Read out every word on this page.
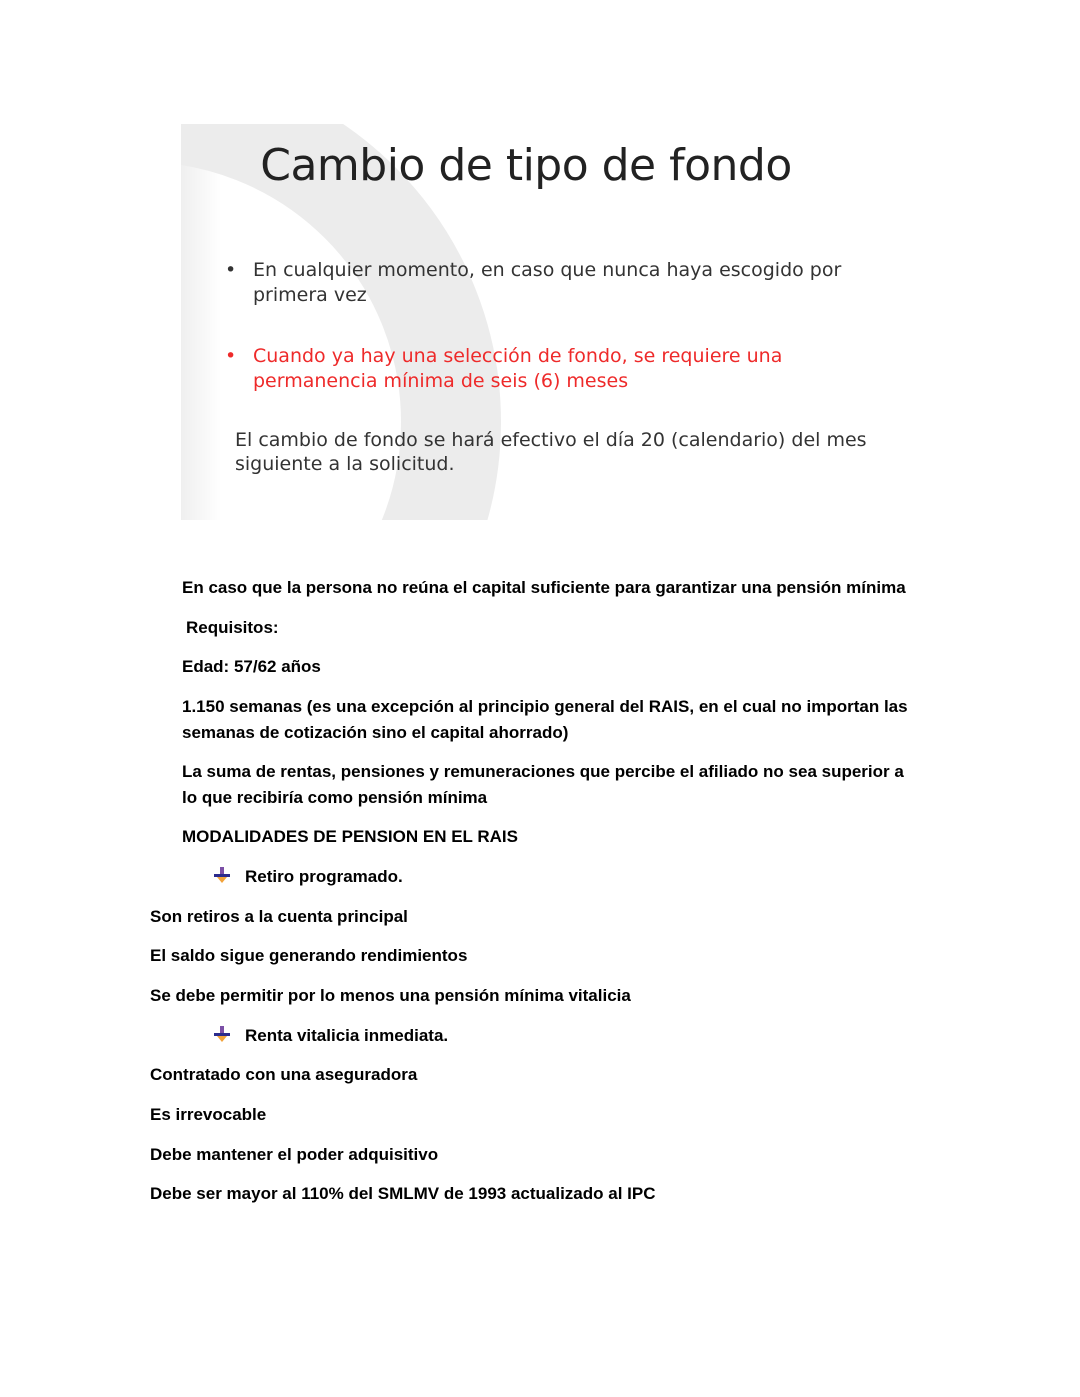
Cambio de tipo de fondo
• En cualquier momento, en caso que nunca haya escogido por primera vez
• Cuando ya hay una selección de fondo, se requiere una permanencia mínima de seis (6) meses
El cambio de fondo se hará efectivo el día 20 (calendario) del mes siguiente a la solicitud.
En caso que la persona no reúna el capital suficiente para garantizar una pensión mínima
Requisitos:
Edad: 57/62 años
1.150 semanas (es una excepción al principio general del RAIS, en el cual no importan las semanas de cotización sino el capital ahorrado)
La suma de rentas, pensiones y remuneraciones que percibe el afiliado no sea superior a lo que recibiría como pensión mínima
MODALIDADES DE PENSION EN EL RAIS
Retiro programado.
Son retiros a la cuenta principal
El saldo sigue generando rendimientos
Se debe permitir por lo menos una pensión mínima vitalicia
Renta vitalicia inmediata.
Contratado con una aseguradora
Es irrevocable
Debe mantener el poder adquisitivo
Debe ser mayor al 110% del SMLMV de 1993 actualizado al IPC
